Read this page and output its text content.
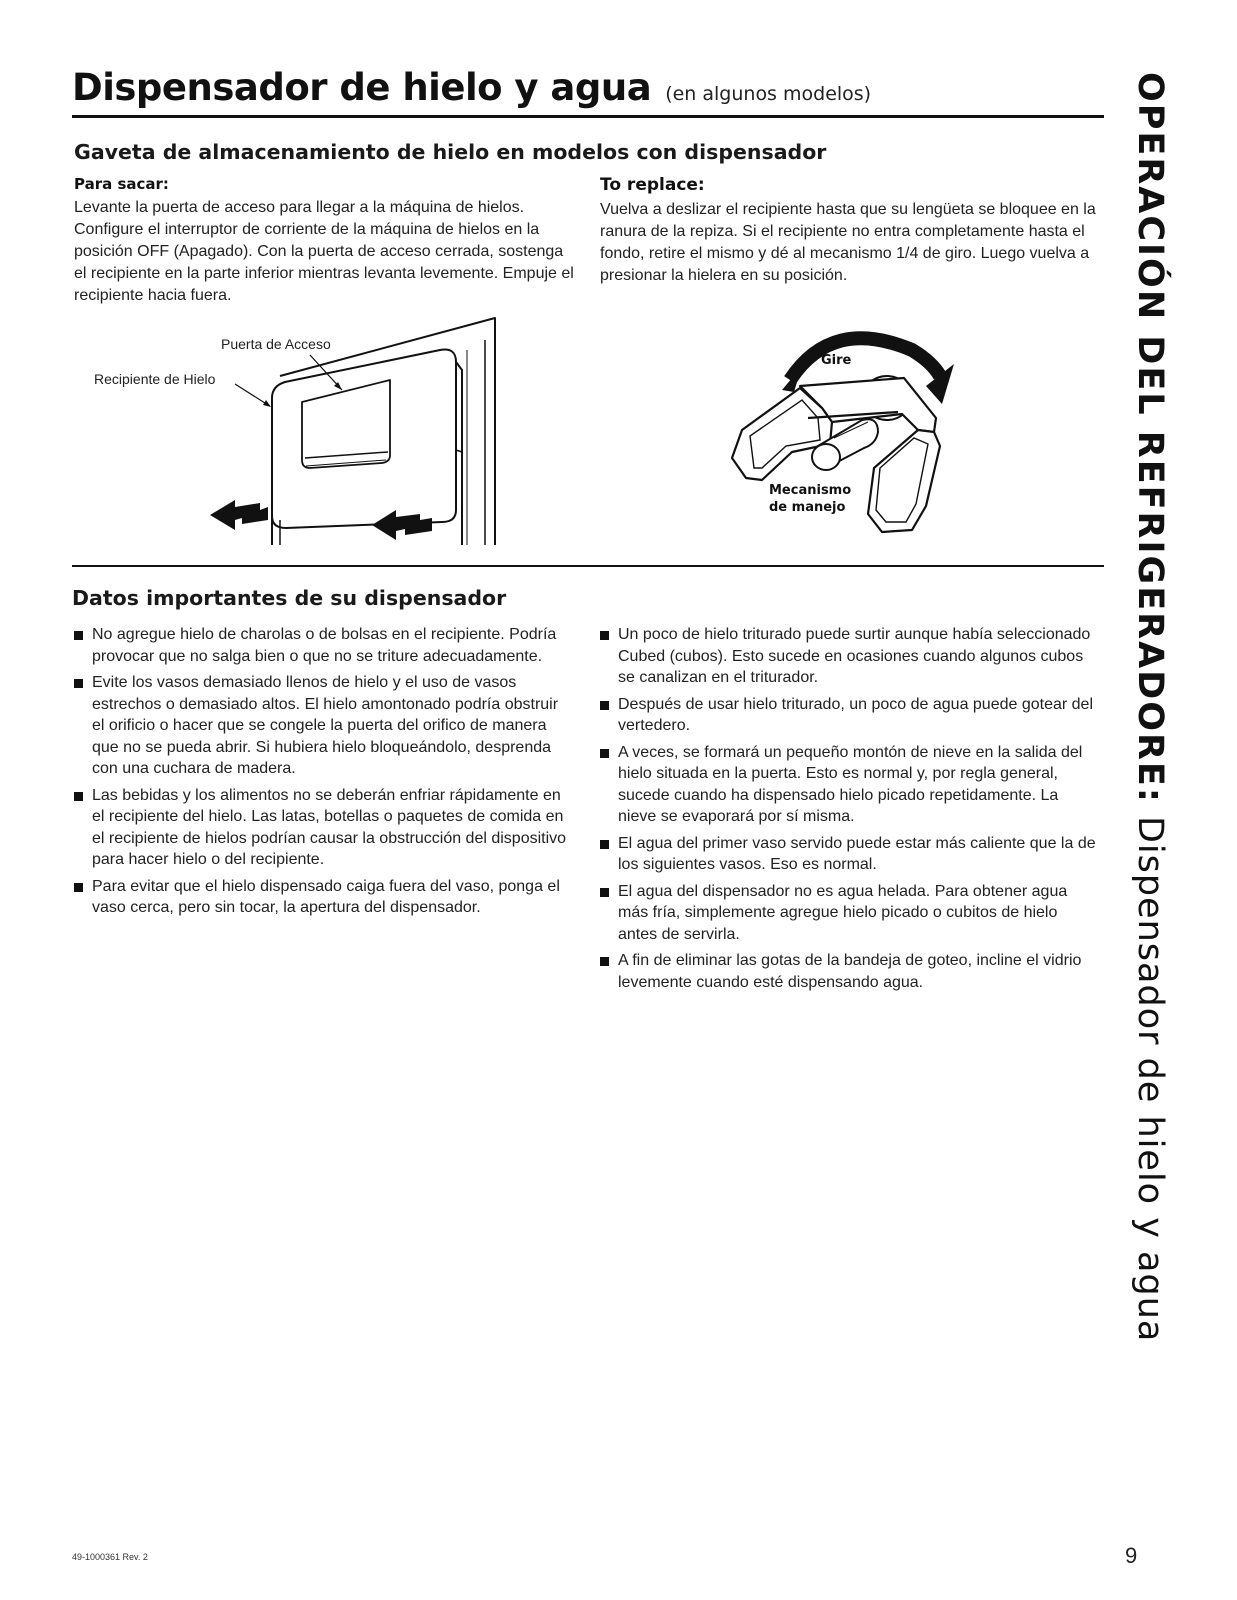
Dispensador de hielo y agua (en algunos modelos)
Gaveta de almacenamiento de hielo en modelos con dispensador
Para sacar:
Levante la puerta de acceso para llegar a la máquina de hielos. Configure el interruptor de corriente de la máquina de hielos en la posición OFF (Apagado). Con la puerta de acceso cerrada, sostenga el recipiente en la parte inferior mientras levanta levemente. Empuje el recipiente hacia fuera.
To replace:
Vuelva a deslizar el recipiente hasta que su lengüeta se bloquee en la ranura de la repiza. Si el recipiente no entra completamente hasta el fondo, retire el mismo y dé al mecanismo 1/4 de giro. Luego vuelva a presionar la hielera en su posición.
Puerta de Acceso
Recipiente de Hielo
Gire
Mecanismo
de manejo
Datos importantes de su dispensador
No agregue hielo de charolas o de bolsas en el recipiente. Podría provocar que no salga bien o que no se triture adecuadamente.
Evite los vasos demasiado llenos de hielo y el uso de vasos estrechos o demasiado altos. El hielo amontonado podría obstruir el orificio o hacer que se congele la puerta del orifico de manera que no se pueda abrir. Si hubiera hielo bloqueándolo, desprenda con una cuchara de madera.
Las bebidas y los alimentos no se deberán enfriar rápidamente en el recipiente del hielo. Las latas, botellas o paquetes de comida en el recipiente de hielos podrían causar la obstrucción del dispositivo para hacer hielo o del recipiente.
Para evitar que el hielo dispensado caiga fuera del vaso, ponga el vaso cerca, pero sin tocar, la apertura del dispensador.
Un poco de hielo triturado puede surtir aunque había seleccionado Cubed (cubos). Esto sucede en ocasiones cuando algunos cubos se canalizan en el triturador.
Después de usar hielo triturado, un poco de agua puede gotear del vertedero.
A veces, se formará un pequeño montón de nieve en la salida del hielo situada en la puerta. Esto es normal y, por regla general, sucede cuando ha dispensado hielo picado repetidamente. La nieve se evaporará por sí misma.
El agua del primer vaso servido puede estar más caliente que la de los siguientes vasos. Eso es normal.
El agua del dispensador no es agua helada. Para obtener agua más fría, simplemente agregue hielo picado o cubitos de hielo antes de servirla.
A fin de eliminar las gotas de la bandeja de goteo, incline el vidrio levemente cuando esté dispensando agua.
OPERACIÓN DEL REFRIGERADORE: Dispensador de hielo y agua
49-1000361 Rev. 2	9
